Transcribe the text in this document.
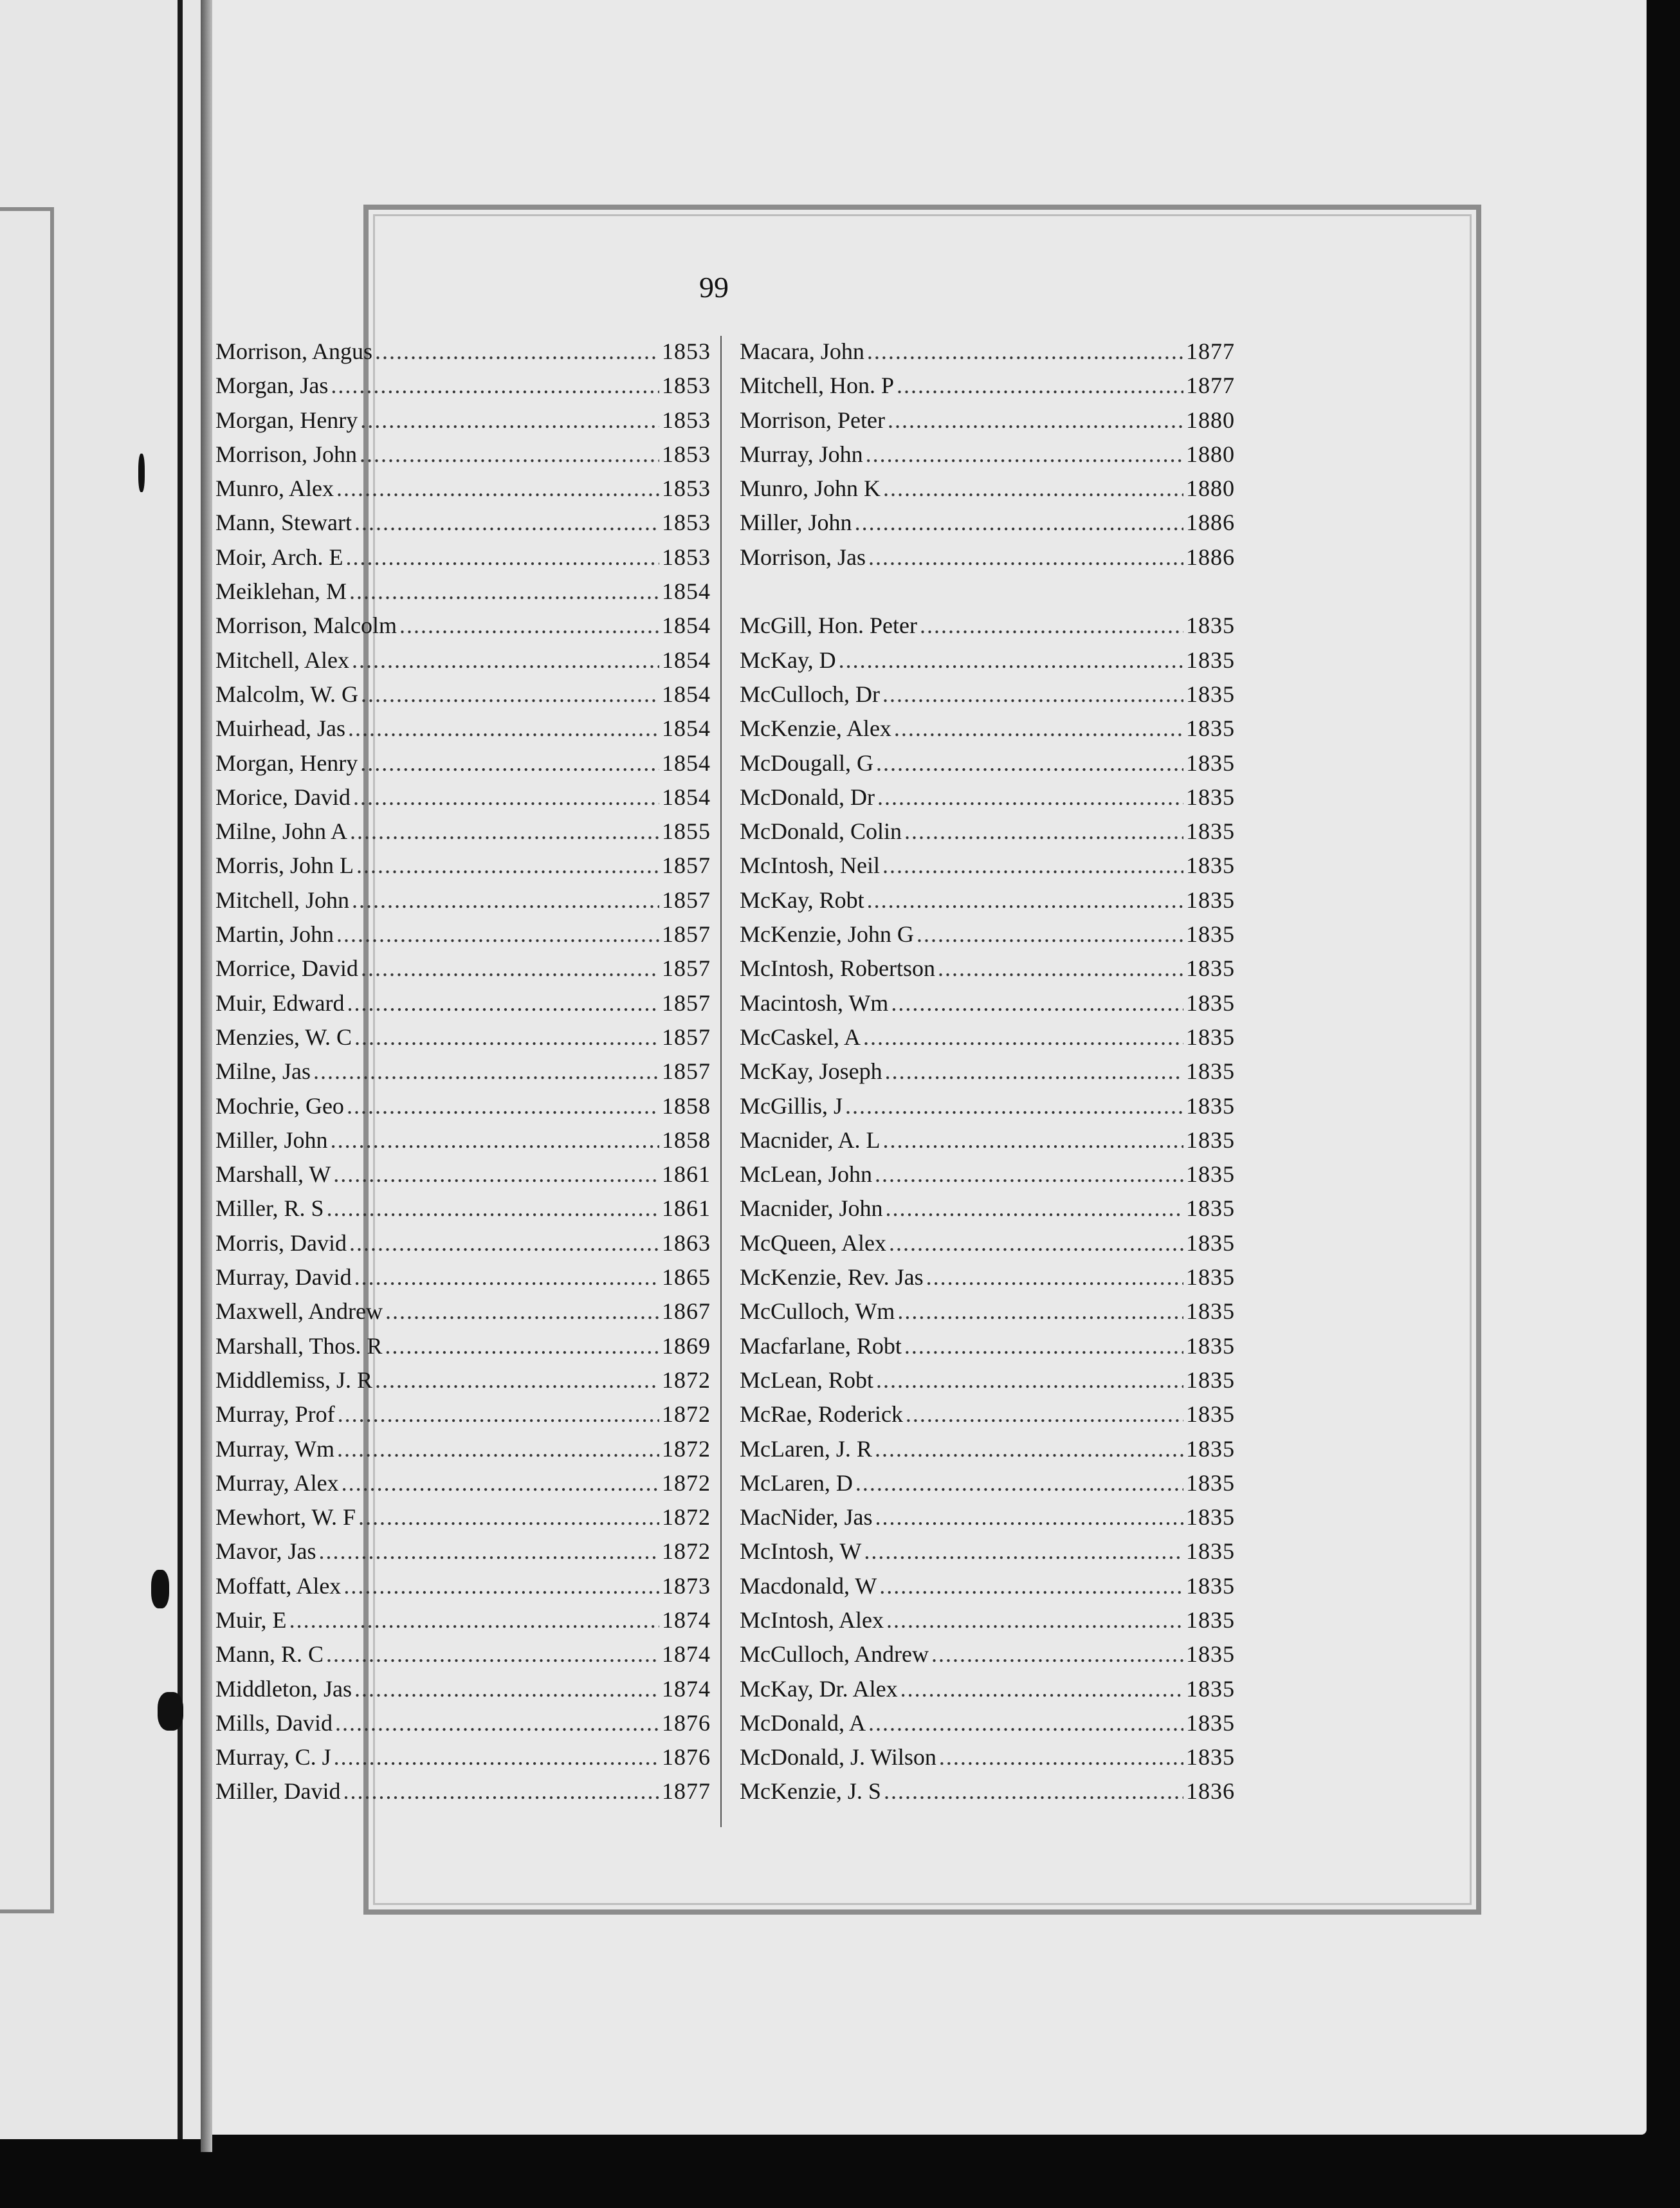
99
Morrison, Angus .....	1853
Morgan, Jas .....	1853
Morgan, Henry .....	1853
Morrison, John .....	1853
Munro, Alex .....	1853
Mann, Stewart .....	1853
Moir, Arch. E .....	1853
Meiklehan, M .....	1854
Morrison, Malcolm .....	1854
Mitchell, Alex .....	1854
Malcolm, W. G .....	1854
Muirhead, Jas .....	1854
Morgan, Henry .....	1854
Morice, David .....	1854
Milne, John A .....	1855
Morris, John L .....	1857
Mitchell, John .....	1857
Martin, John .....	1857
Morrice, David .....	1857
Muir, Edward .....	1857
Menzies, W. C .....	1857
Milne, Jas .....	1857
Mochrie, Geo .....	1858
Miller, John .....	1858
Marshall, W .....	1861
Miller, R. S .....	1861
Morris, David .....	1863
Murray, David .....	1865
Maxwell, Andrew .....	1867
Marshall, Thos. R .....	1869
Middlemiss, J. R .....	1872
Murray, Prof .....	1872
Murray, Wm .....	1872
Murray, Alex .....	1872
Mewhort, W. F .....	1872
Mavor, Jas .....	1872
Moffatt, Alex .....	1873
Muir, E .....	1874
Mann, R. C .....	1874
Middleton, Jas .....	1874
Mills, David .....	1876
Murray, C. J .....	1876
Miller, David .....	1877
Macara, John .....	1877
Mitchell, Hon. P .....	1877
Morrison, Peter .....	1880
Murray, John .....	1880
Munro, John K .....	1880
Miller, John .....	1886
Morrison, Jas .....	1886
McGill, Hon. Peter .....	1835
McKay, D .....	1835
McCulloch, Dr .....	1835
McKenzie, Alex .....	1835
McDougall, G .....	1835
McDonald, Dr .....	1835
McDonald, Colin .....	1835
McIntosh, Neil .....	1835
McKay, Robt .....	1835
McKenzie, John G .....	1835
McIntosh, Robertson .....	1835
Macintosh, Wm .....	1835
McCaskel, A .....	1835
McKay, Joseph .....	1835
McGillis, J .....	1835
Macnider, A. L .....	1835
McLean, John .....	1835
Macnider, John .....	1835
McQueen, Alex .....	1835
McKenzie, Rev. Jas .....	1835
McCulloch, Wm .....	1835
Macfarlane, Robt .....	1835
McLean, Robt .....	1835
McRae, Roderick .....	1835
McLaren, J. R .....	1835
McLaren, D .....	1835
MacNider, Jas .....	1835
McIntosh, W .....	1835
Macdonald, W .....	1835
McIntosh, Alex .....	1835
McCulloch, Andrew .....	1835
McKay, Dr. Alex .....	1835
McDonald, A .....	1835
McDonald, J. Wilson .....	1835
McKenzie, J. S .....	1836
